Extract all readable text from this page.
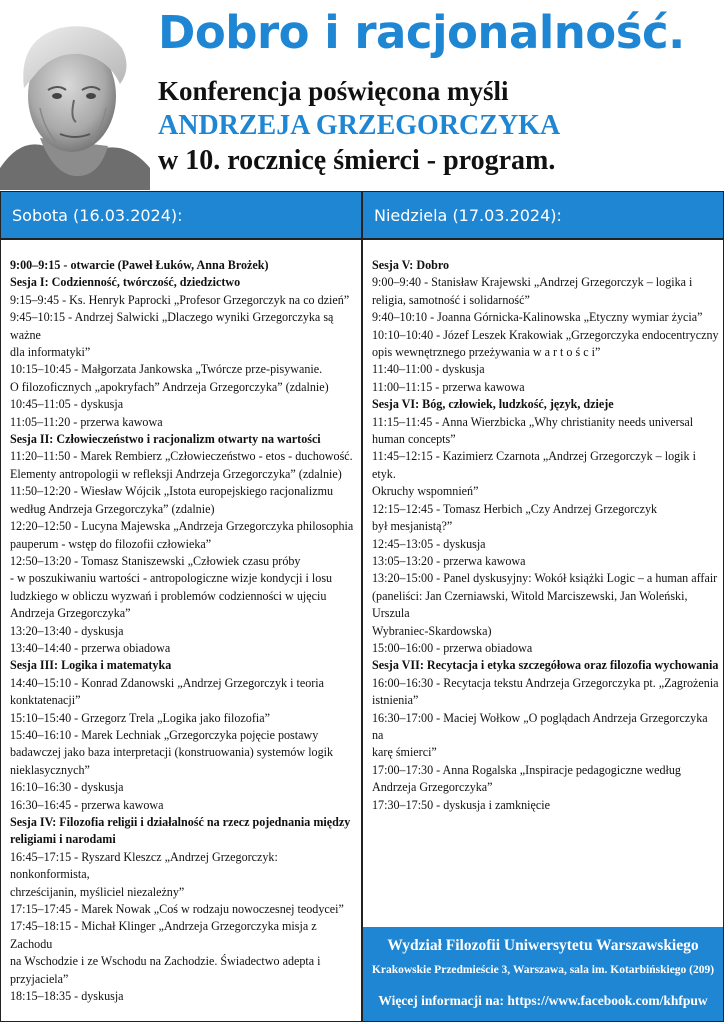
Dobro i racjonalność.
Konferencja poświęcona myśli
ANDRZEJA GRZEGORCZYKA
w 10. rocznicę śmierci - program.
Sobota (16.03.2024):	Niedziela (17.03.2024):
9:00–9:15 - otwarcie (Paweł Łuków, Anna Brożek)
Sesja I: Codzienność, twórczość, dziedzictwo
9:15–9:45 - Ks. Henryk Paprocki „Profesor Grzegorczyk na co dzień”
9:45–10:15 - Andrzej Salwicki „Dlaczego wyniki Grzegorczyka są ważne
dla informatyki”
10:15–10:45 - Małgorzata Jankowska „Twórcze prze-pisywanie.
O filozoficznych „apokryfach” Andrzeja Grzegorczyka” (zdalnie)
10:45–11:05 - dyskusja
11:05–11:20 - przerwa kawowa
Sesja II: Człowieczeństwo i racjonalizm otwarty na wartości
11:20–11:50 - Marek Rembierz „Człowieczeństwo - etos - duchowość.
Elementy antropologii w refleksji Andrzeja Grzegorczyka” (zdalnie)
11:50–12:20 - Wiesław Wójcik „Istota europejskiego racjonalizmu
według Andrzeja Grzegorczyka” (zdalnie)
12:20–12:50 - Lucyna Majewska „Andrzeja Grzegorczyka philosophia
pauperum - wstęp do filozofii człowieka”
12:50–13:20 - Tomasz Staniszewski „Człowiek czasu próby
- w poszukiwaniu wartości - antropologiczne wizje kondycji i losu
ludzkiego w obliczu wyzwań i problemów codzienności w ujęciu
Andrzeja Grzegorczyka”
13:20–13:40 - dyskusja
13:40–14:40 - przerwa obiadowa
Sesja III: Logika i matematyka
14:40–15:10 - Konrad Zdanowski „Andrzej Grzegorczyk i teoria
konktatenacji”
15:10–15:40 - Grzegorz Trela „Logika jako filozofia”
15:40–16:10 - Marek Lechniak „Grzegorczyka pojęcie postawy
badawczej jako baza interpretacji (konstruowania) systemów logik
nieklasycznych”
16:10–16:30 - dyskusja
16:30–16:45 - przerwa kawowa
Sesja IV: Filozofia religii i działalność na rzecz pojednania między
religiami i narodami
16:45–17:15 - Ryszard Kleszcz „Andrzej Grzegorczyk: nonkonformista,
chrześcijanin, myśliciel niezależny”
17:15–17:45 - Marek Nowak „Coś w rodzaju nowoczesnej teodycei”
17:45–18:15 - Michał Klinger „Andrzeja Grzegorczyka misja z Zachodu
na Wschodzie i ze Wschodu na Zachodzie. Świadectwo adepta i
przyjaciela”
18:15–18:35 - dyskusja
Sesja V: Dobro
9:00–9:40 - Stanisław Krajewski „Andrzej Grzegorczyk – logika i
religia, samotność i solidarność”
9:40–10:10 - Joanna Górnicka-Kalinowska „Etyczny wymiar życia”
10:10–10:40 - Józef Leszek Krakowiak „Grzegorczyka endocentryczny
opis wewnętrznego przeżywania w a r t o ś c i”
11:40–11:00 - dyskusja
11:00–11:15 - przerwa kawowa
Sesja VI: Bóg, człowiek, ludzkość, język, dzieje
11:15–11:45 - Anna Wierzbicka „Why christianity needs universal
human concepts”
11:45–12:15 - Kazimierz Czarnota „Andrzej Grzegorczyk – logik i etyk.
Okruchy wspomnień”
12:15–12:45 - Tomasz Herbich „Czy Andrzej Grzegorczyk
był mesjanistą?”
12:45–13:05 - dyskusja
13:05–13:20 - przerwa kawowa
13:20–15:00 - Panel dyskusyjny: Wokół książki Logic – a human affair
(paneliści: Jan Czerniawski, Witold Marciszewski, Jan Woleński, Urszula
Wybraniec-Skardowska)
15:00–16:00 - przerwa obiadowa
Sesja VII: Recytacja i etyka szczegółowa oraz filozofia wychowania
16:00–16:30 - Recytacja tekstu Andrzeja Grzegorczyka pt. „Zagrożenia
istnienia”
16:30–17:00 - Maciej Wołkow „O poglądach Andrzeja Grzegorczyka na
karę śmierci”
17:00–17:30 - Anna Rogalska „Inspiracje pedagogiczne według
Andrzeja Grzegorczyka”
17:30–17:50 - dyskusja i zamknięcie
Wydział Filozofii Uniwersytetu Warszawskiego
Krakowskie Przedmieście 3, Warszawa, sala im. Kotarbińskiego (209)
Więcej informacji na: https://www.facebook.com/khfpuw
